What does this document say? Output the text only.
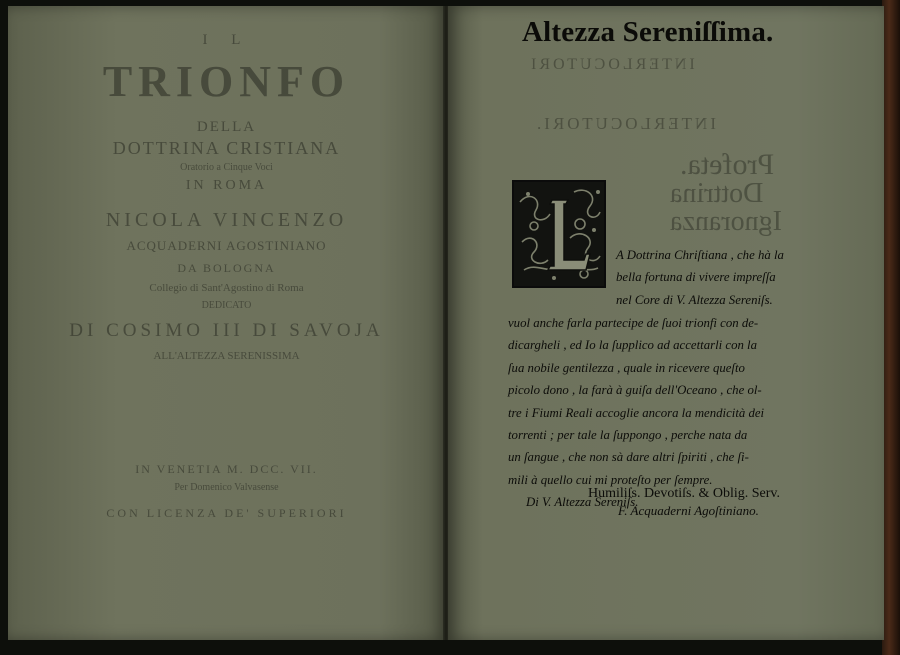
I L
TRIONFO
DELLA
DOTTRINA CRISTIANA
Oratorio a Cinque Voci
IN ROMA
NICOLA VINCENZO
ACQUADERNI AGOSTINIANO
DA BOLOGNA
Collegio di Sant'Agostino di Roma
DEDICATO
DI COSIMO III DI SAVOJA
ALL'ALTEZZA SERENISSIMA
IN VENETIA M. DCC. VII.
Per Domenico Valvasense
CON LICENZA DE' SUPERIORI
INTERLOCUTORI
INTERLOCUTORI.
Profeta.
Dottrina
Ignoranza
Altezza Sereniſſima.
A Dottrina Chriſtiana , che hà la
bella fortuna di vivere impreſſa
nel Core di V. Altezza Sereniſs.
vuol anche farla partecipe de ſuoi trionfi con de-
dicargheli , ed Io la ſupplico ad accettarli con la
ſua nobile gentilezza , quale in ricevere queſto
picolo dono , la farà à guiſa dell'Oceano , che ol-
tre i Fiumi Reali accoglie ancora la mendicità dei
torrenti ; per tale la ſuppongo , perche nata da
un ſangue , che non sà dare altri ſpiriti , che ſi-
mili à quello cui mi proteſto per ſempre.
Di V. Altezza Sereniſs.
Humiliſs. Devotiſs. & Oblig. Serv.
F. Acquaderni Agoſtiniano.
